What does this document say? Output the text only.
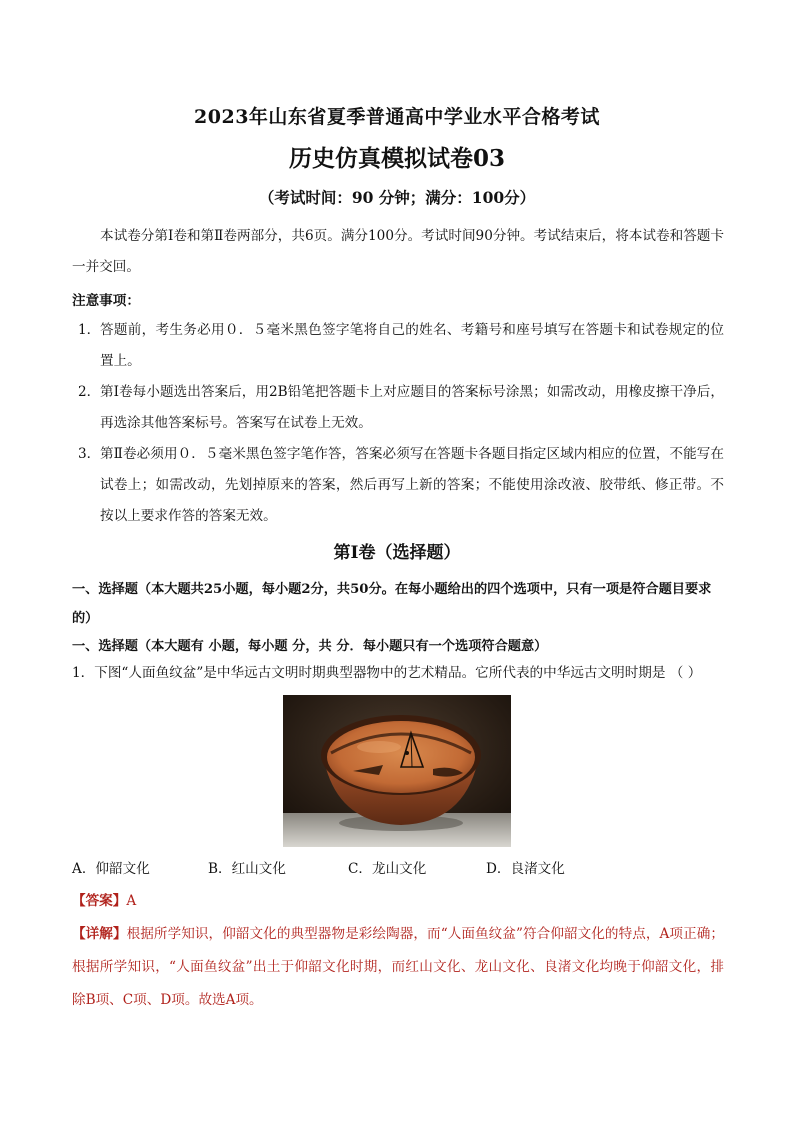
2023年山东省夏季普通高中学业水平合格考试
历史仿真模拟试卷03
（考试时间：90 分钟；满分：100分）
本试卷分第Ⅰ卷和第Ⅱ卷两部分，共6页。满分100分。考试时间90分钟。考试结束后，将本试卷和答题卡一并交回。
注意事项：
1． 答题前，考生务必用０．５毫米黑色签字笔将自己的姓名、考籍号和座号填写在答题卡和试卷规定的位置上。
2． 第Ⅰ卷每小题选出答案后，用2B铅笔把答题卡上对应题目的答案标号涂黑；如需改动，用橡皮擦干净后，再选涂其他答案标号。答案写在试卷上无效。
3． 第Ⅱ卷必须用０．５毫米黑色签字笔作答，答案必须写在答题卡各题目指定区域内相应的位置，不能写在试卷上；如需改动，先划掉原来的答案，然后再写上新的答案；不能使用涂改液、胶带纸、修正带。不按以上要求作答的答案无效。
第Ⅰ卷（选择题）
一、选择题（本大题共25小题，每小题2分，共50分。在每小题给出的四个选项中，只有一项是符合题目要求的）
一、选择题（本大题有 小题，每小题 分，共 分．每小题只有一个选项符合题意）
1．下图“人面鱼纹盆”是中华远古文明时期典型器物中的艺术精品。它所代表的中华远古文明时期是 （ ）
A．仰韶文化	B．红山文化	C．龙山文化	D．良渚文化
【答案】A
【详解】根据所学知识，仰韶文化的典型器物是彩绘陶器，而“人面鱼纹盆”符合仰韶文化的特点，A项正确；根据所学知识，“人面鱼纹盆”出土于仰韶文化时期，而红山文化、龙山文化、良渚文化均晚于仰韶文化，排除B项、C项、D项。故选A项。
